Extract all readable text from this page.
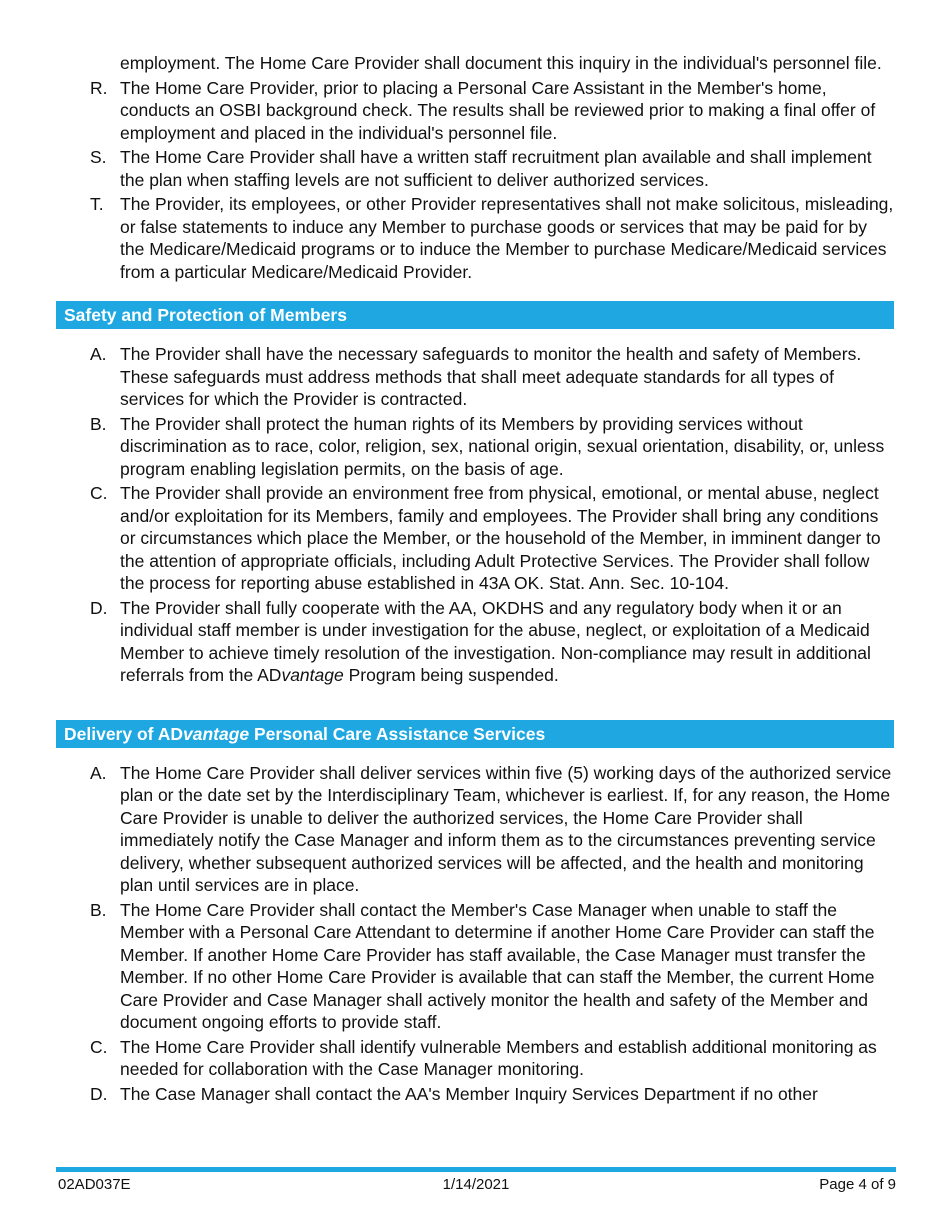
employment. The Home Care Provider shall document this inquiry in the individual's personnel file.
R. The Home Care Provider, prior to placing a Personal Care Assistant in the Member's home, conducts an OSBI background check. The results shall be reviewed prior to making a final offer of employment and placed in the individual's personnel file.
S. The Home Care Provider shall have a written staff recruitment plan available and shall implement the plan when staffing levels are not sufficient to deliver authorized services.
T. The Provider, its employees, or other Provider representatives shall not make solicitous, misleading, or false statements to induce any Member to purchase goods or services that may be paid for by the Medicare/Medicaid programs or to induce the Member to purchase Medicare/Medicaid services from a particular Medicare/Medicaid Provider.
Safety and Protection of Members
A. The Provider shall have the necessary safeguards to monitor the health and safety of Members. These safeguards must address methods that shall meet adequate standards for all types of services for which the Provider is contracted.
B. The Provider shall protect the human rights of its Members by providing services without discrimination as to race, color, religion, sex, national origin, sexual orientation, disability, or, unless program enabling legislation permits, on the basis of age.
C. The Provider shall provide an environment free from physical, emotional, or mental abuse, neglect and/or exploitation for its Members, family and employees. The Provider shall bring any conditions or circumstances which place the Member, or the household of the Member, in imminent danger to the attention of appropriate officials, including Adult Protective Services. The Provider shall follow the process for reporting abuse established in 43A OK. Stat. Ann. Sec. 10-104.
D. The Provider shall fully cooperate with the AA, OKDHS and any regulatory body when it or an individual staff member is under investigation for the abuse, neglect, or exploitation of a Medicaid Member to achieve timely resolution of the investigation. Non-compliance may result in additional referrals from the ADvantage Program being suspended.
Delivery of ADvantage Personal Care Assistance Services
A. The Home Care Provider shall deliver services within five (5) working days of the authorized service plan or the date set by the Interdisciplinary Team, whichever is earliest. If, for any reason, the Home Care Provider is unable to deliver the authorized services, the Home Care Provider shall immediately notify the Case Manager and inform them as to the circumstances preventing service delivery, whether subsequent authorized services will be affected, and the health and monitoring plan until services are in place.
B. The Home Care Provider shall contact the Member's Case Manager when unable to staff the Member with a Personal Care Attendant to determine if another Home Care Provider can staff the Member. If another Home Care Provider has staff available, the Case Manager must transfer the Member. If no other Home Care Provider is available that can staff the Member, the current Home Care Provider and Case Manager shall actively monitor the health and safety of the Member and document ongoing efforts to provide staff.
C. The Home Care Provider shall identify vulnerable Members and establish additional monitoring as needed for collaboration with the Case Manager monitoring.
D. The Case Manager shall contact the AA's Member Inquiry Services Department if no other
02AD037E	1/14/2021	Page 4 of 9
